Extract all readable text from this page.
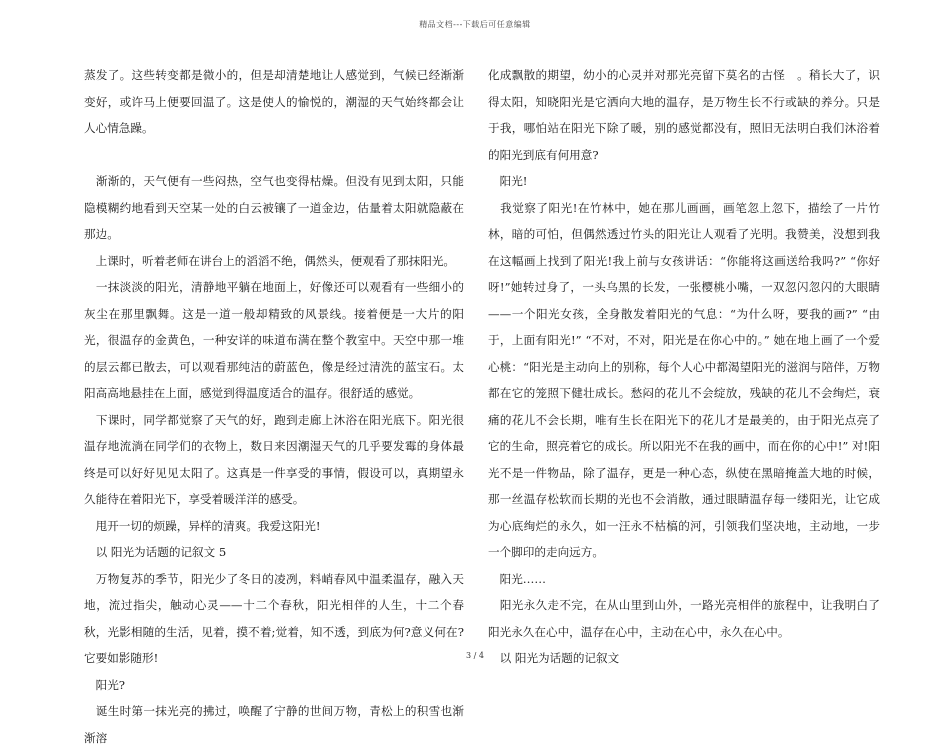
精品文档---下载后可任意编辑

蒸发了。这些转变都是微小的，但是却清楚地让人感觉到，气候已经渐渐变好，或许马上便要回温了。这是使人的愉悦的，潮湿的天气始终都会让人心情急躁。

　渐渐的，天气便有一些闷热，空气也变得枯燥。但没有见到太阳，只能隐模糊约地看到天空某一处的白云被镶了一道金边，估量着太阳就隐蔽在那边。

　上课时，听着老师在讲台上的滔滔不绝，偶然头，便观看了那抹阳光。

　一抹淡淡的阳光，清静地平躺在地面上，好像还可以观看有一些细小的灰尘在那里飘舞。这是一道一般却精致的风景线。接着便是一大片的阳光，很温存的金黄色，一种安详的味道布满在整个教室中。天空中那一堆的层云都已散去，可以观看那纯洁的蔚蓝色，像是经过清洗的蓝宝石。太阳高高地悬挂在上面，感觉到得温度适合的温存。很舒适的感觉。

　下课时，同学都觉察了天气的好，跑到走廊上沐浴在阳光底下。阳光很温存地流淌在同学们的衣物上，数日来因潮湿天气的几乎要发霉的身体最终是可以好好见见太阳了。这真是一件享受的事情，假设可以，真期望永久能待在着阳光下，享受着暖洋洋的感受。

　甩开一切的烦躁，异样的清爽。我爱这阳光!

　以 阳光为话题的记叙文 5

　万物复苏的季节，阳光少了冬日的凌冽，料峭春风中温柔温存，融入天地，流过指尖，触动心灵——十二个春秋，阳光相伴的人生，十二个春秋，光影相随的生活，见着，摸不着;觉着，知不透，到底为何?意义何在?它要如影随形!

　阳光?

　诞生时第一抹光亮的拂过，唤醒了宁静的世间万物，青松上的积雪也渐渐溶

化成飘散的期望，幼小的心灵并对那光亮留下莫名的古怪　。稍长大了，识得太阳，知晓阳光是它洒向大地的温存，是万物生长不行或缺的养分。只是于我，哪怕站在阳光下除了暖，别的感觉都没有，照旧无法明白我们沐浴着的阳光到底有何用意?

　阳光!

　我觉察了阳光!在竹林中，她在那儿画画，画笔忽上忽下，描绘了一片竹林，暗的可怕，但偶然透过竹头的阳光让人观看了光明。我赞美，没想到我在这幅画上找到了阳光!我上前与女孩讲话：“你能将这画送给我吗?” “你好呀!”她转过身了，一头乌黑的长发，一张樱桃小嘴，一双忽闪忽闪的大眼睛——一个阳光女孩，全身散发着阳光的气息：“为什么呀，要我的画?” “由于，上面有阳光!” “不对，不对，阳光是在你心中的。” 她在地上画了一个爱心桃：“阳光是主动向上的别称，每个人心中都渴望阳光的滋润与陪伴，万物都在它的笼照下健壮成长。愁闷的花儿不会绽放，残缺的花儿不会绚烂，衰痛的花儿不会长期，唯有生长在阳光下的花儿才是最美的，由于阳光点亮了它的生命，照亮着它的成长。所以阳光不在我的画中，而在你的心中!” 对!阳光不是一件物品，除了温存，更是一种心态，纵使在黑暗掩盖大地的时候，那一丝温存松软而长期的光也不会消散，通过眼睛温存每一缕阳光，让它成为心底绚烂的永久，如一汪永不枯槁的河，引领我们坚决地，主动地，一步一个脚印的走向远方。

　阳光……

　阳光永久走不完，在从山里到山外，一路光亮相伴的旅程中，让我明白了阳光永久在心中，温存在心中，主动在心中，永久在心中。

　以 阳光为话题的记叙文

3 / 4
